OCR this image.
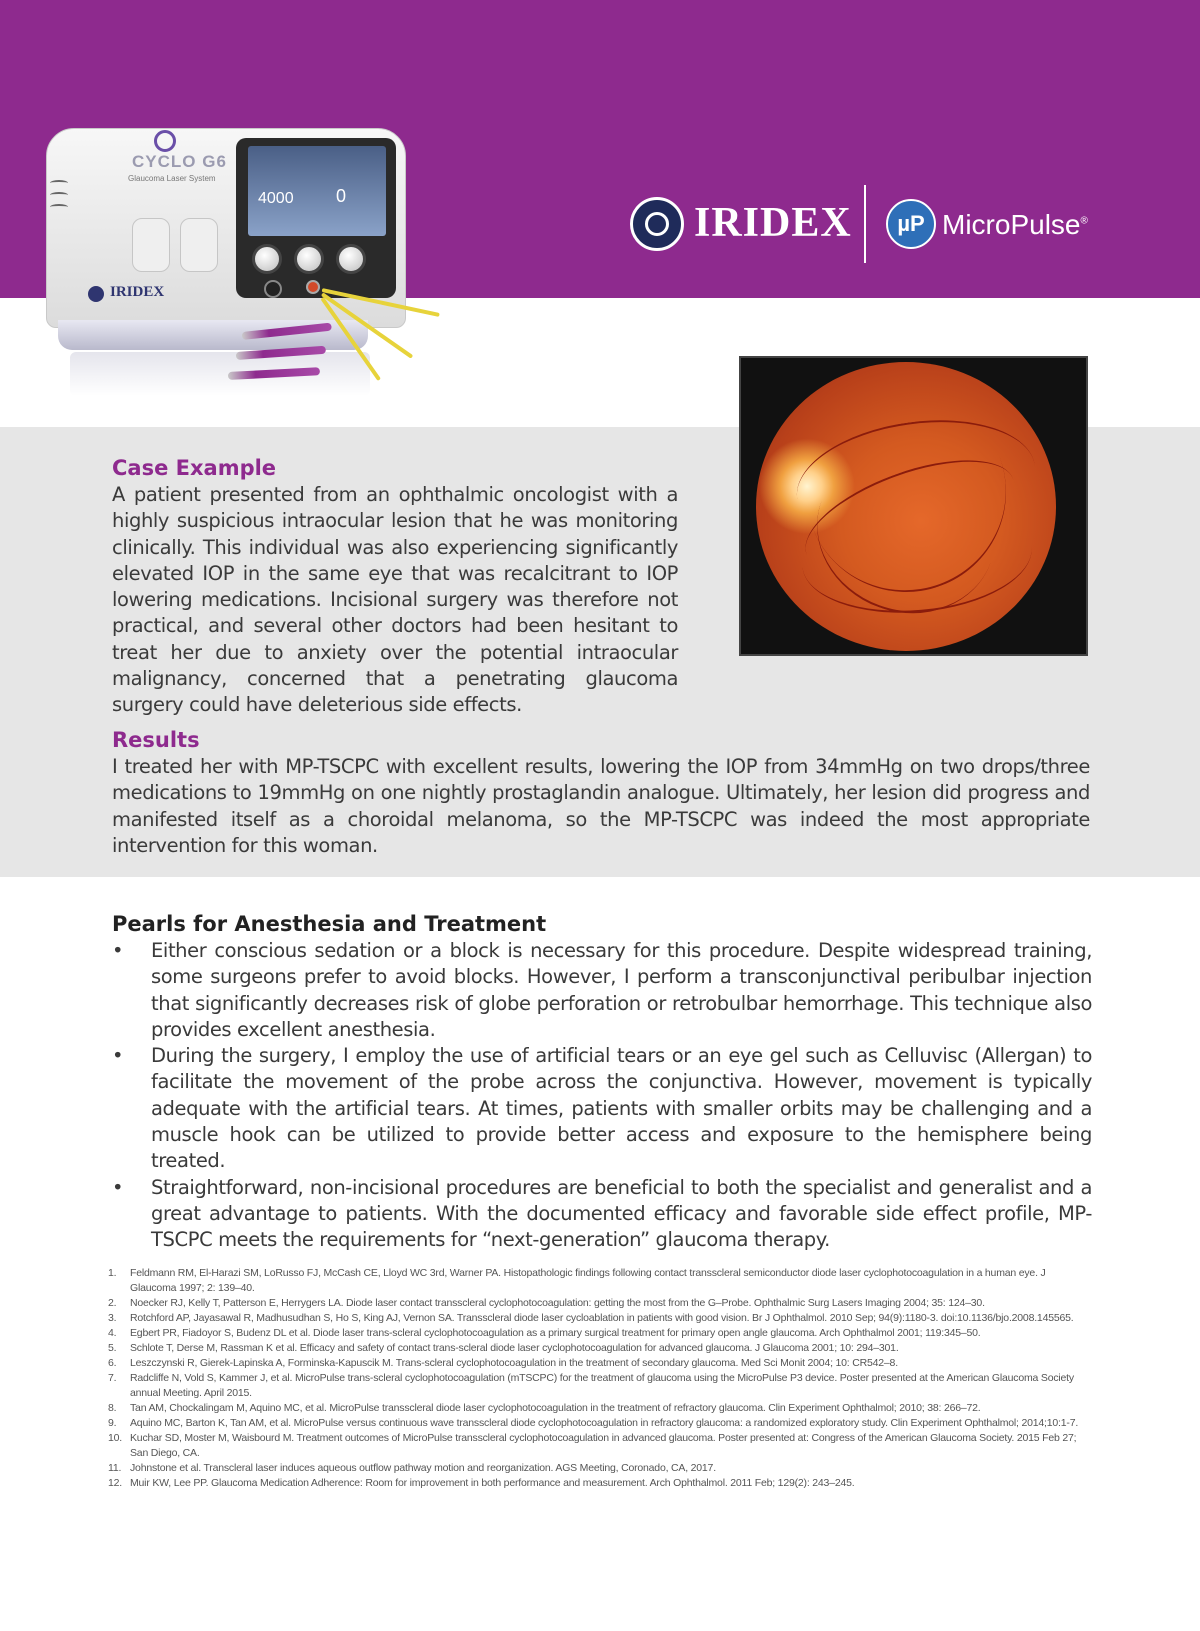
CYCLO G6
Glaucoma Laser System
4000 0
IRIDEX
IRIDEX	µP MicroPulse®
Case Example

A patient presented from an ophthalmic oncologist with a highly suspicious intraocular lesion that he was monitoring clinically. This individual was also experiencing significantly elevated IOP in the same eye that was recalcitrant to IOP lowering medications. Incisional surgery was therefore not practical, and several other doctors had been hesitant to treat her due to anxiety over the potential intraocular malignancy, concerned that a penetrating glaucoma surgery could have deleterious side effects.

Results

I treated her with MP-TSCPC with excellent results, lowering the IOP from 34mmHg on two drops/three medications to 19mmHg on one nightly prostaglandin analogue. Ultimately, her lesion did progress and manifested itself as a choroidal melanoma, so the MP-TSCPC was indeed the most appropriate intervention for this woman.

Pearls for Anesthesia and Treatment
• Either conscious sedation or a block is necessary for this procedure. Despite widespread training, some surgeons prefer to avoid blocks. However, I perform a transconjunctival peribulbar injection that significantly decreases risk of globe perforation or retrobulbar hemorrhage. This technique also provides excellent anesthesia.
• During the surgery, I employ the use of artificial tears or an eye gel such as Celluvisc (Allergan) to facilitate the movement of the probe across the conjunctiva. However, movement is typically adequate with the artificial tears. At times, patients with smaller orbits may be challenging and a muscle hook can be utilized to provide better access and exposure to the hemisphere being treated.
• Straightforward, non-incisional procedures are beneficial to both the specialist and generalist and a great advantage to patients. With the documented efficacy and favorable side effect profile, MP-TSCPC meets the requirements for “next-generation” glaucoma therapy.
1. Feldmann RM, El-Harazi SM, LoRusso FJ, McCash CE, Lloyd WC 3rd, Warner PA. Histopathologic findings following contact transscleral semiconductor diode laser cyclophotocoagulation in a human eye. J Glaucoma 1997; 2: 139–40.
2. Noecker RJ, Kelly T, Patterson E, Herrygers LA. Diode laser contact transscleral cyclophotocoagulation: getting the most from the G–Probe. Ophthalmic Surg Lasers Imaging 2004; 35: 124–30.
3. Rotchford AP, Jayasawal R, Madhusudhan S, Ho S, King AJ, Vernon SA. Transscleral diode laser cycloablation in patients with good vision. Br J Ophthalmol. 2010 Sep; 94(9):1180-3. doi:10.1136/bjo.2008.145565.
4. Egbert PR, Fiadoyor S, Budenz DL et al. Diode laser trans-scleral cyclophotocoagulation as a primary surgical treatment for primary open angle glaucoma. Arch Ophthalmol 2001; 119:345–50.
5. Schlote T, Derse M, Rassman K et al. Efficacy and safety of contact trans-scleral diode laser cyclophotocoagulation for advanced glaucoma. J Glaucoma 2001; 10: 294–301.
6. Leszczynski R, Gierek-Lapinska A, Forminska-Kapuscik M. Trans-scleral cyclophotocoagulation in the treatment of secondary glaucoma. Med Sci Monit 2004; 10: CR542–8.
7. Radcliffe N, Vold S, Kammer J, et al. MicroPulse trans-scleral cyclophotocoagulation (mTSCPC) for the treatment of glaucoma using the MicroPulse P3 device. Poster presented at the American Glaucoma Society annual Meeting. April 2015.
8. Tan AM, Chockalingam M, Aquino MC, et al. MicroPulse transscleral diode laser cyclophotocoagulation in the treatment of refractory glaucoma. Clin Experiment Ophthalmol; 2010; 38: 266–72.
9. Aquino MC, Barton K, Tan AM, et al. MicroPulse versus continuous wave transscleral diode cyclophotocoagulation in refractory glaucoma: a randomized exploratory study. Clin Experiment Ophthalmol; 2014;10:1-7.
10. Kuchar SD, Moster M, Waisbourd M. Treatment outcomes of MicroPulse transscleral cyclophotocoagulation in advanced glaucoma. Poster presented at: Congress of the American Glaucoma Society. 2015 Feb 27; San Diego, CA.
11. Johnstone et al. Transcleral laser induces aqueous outflow pathway motion and reorganization. AGS Meeting, Coronado, CA, 2017.
12. Muir KW, Lee PP. Glaucoma Medication Adherence: Room for improvement in both performance and measurement. Arch Ophthalmol. 2011 Feb; 129(2): 243–245.
